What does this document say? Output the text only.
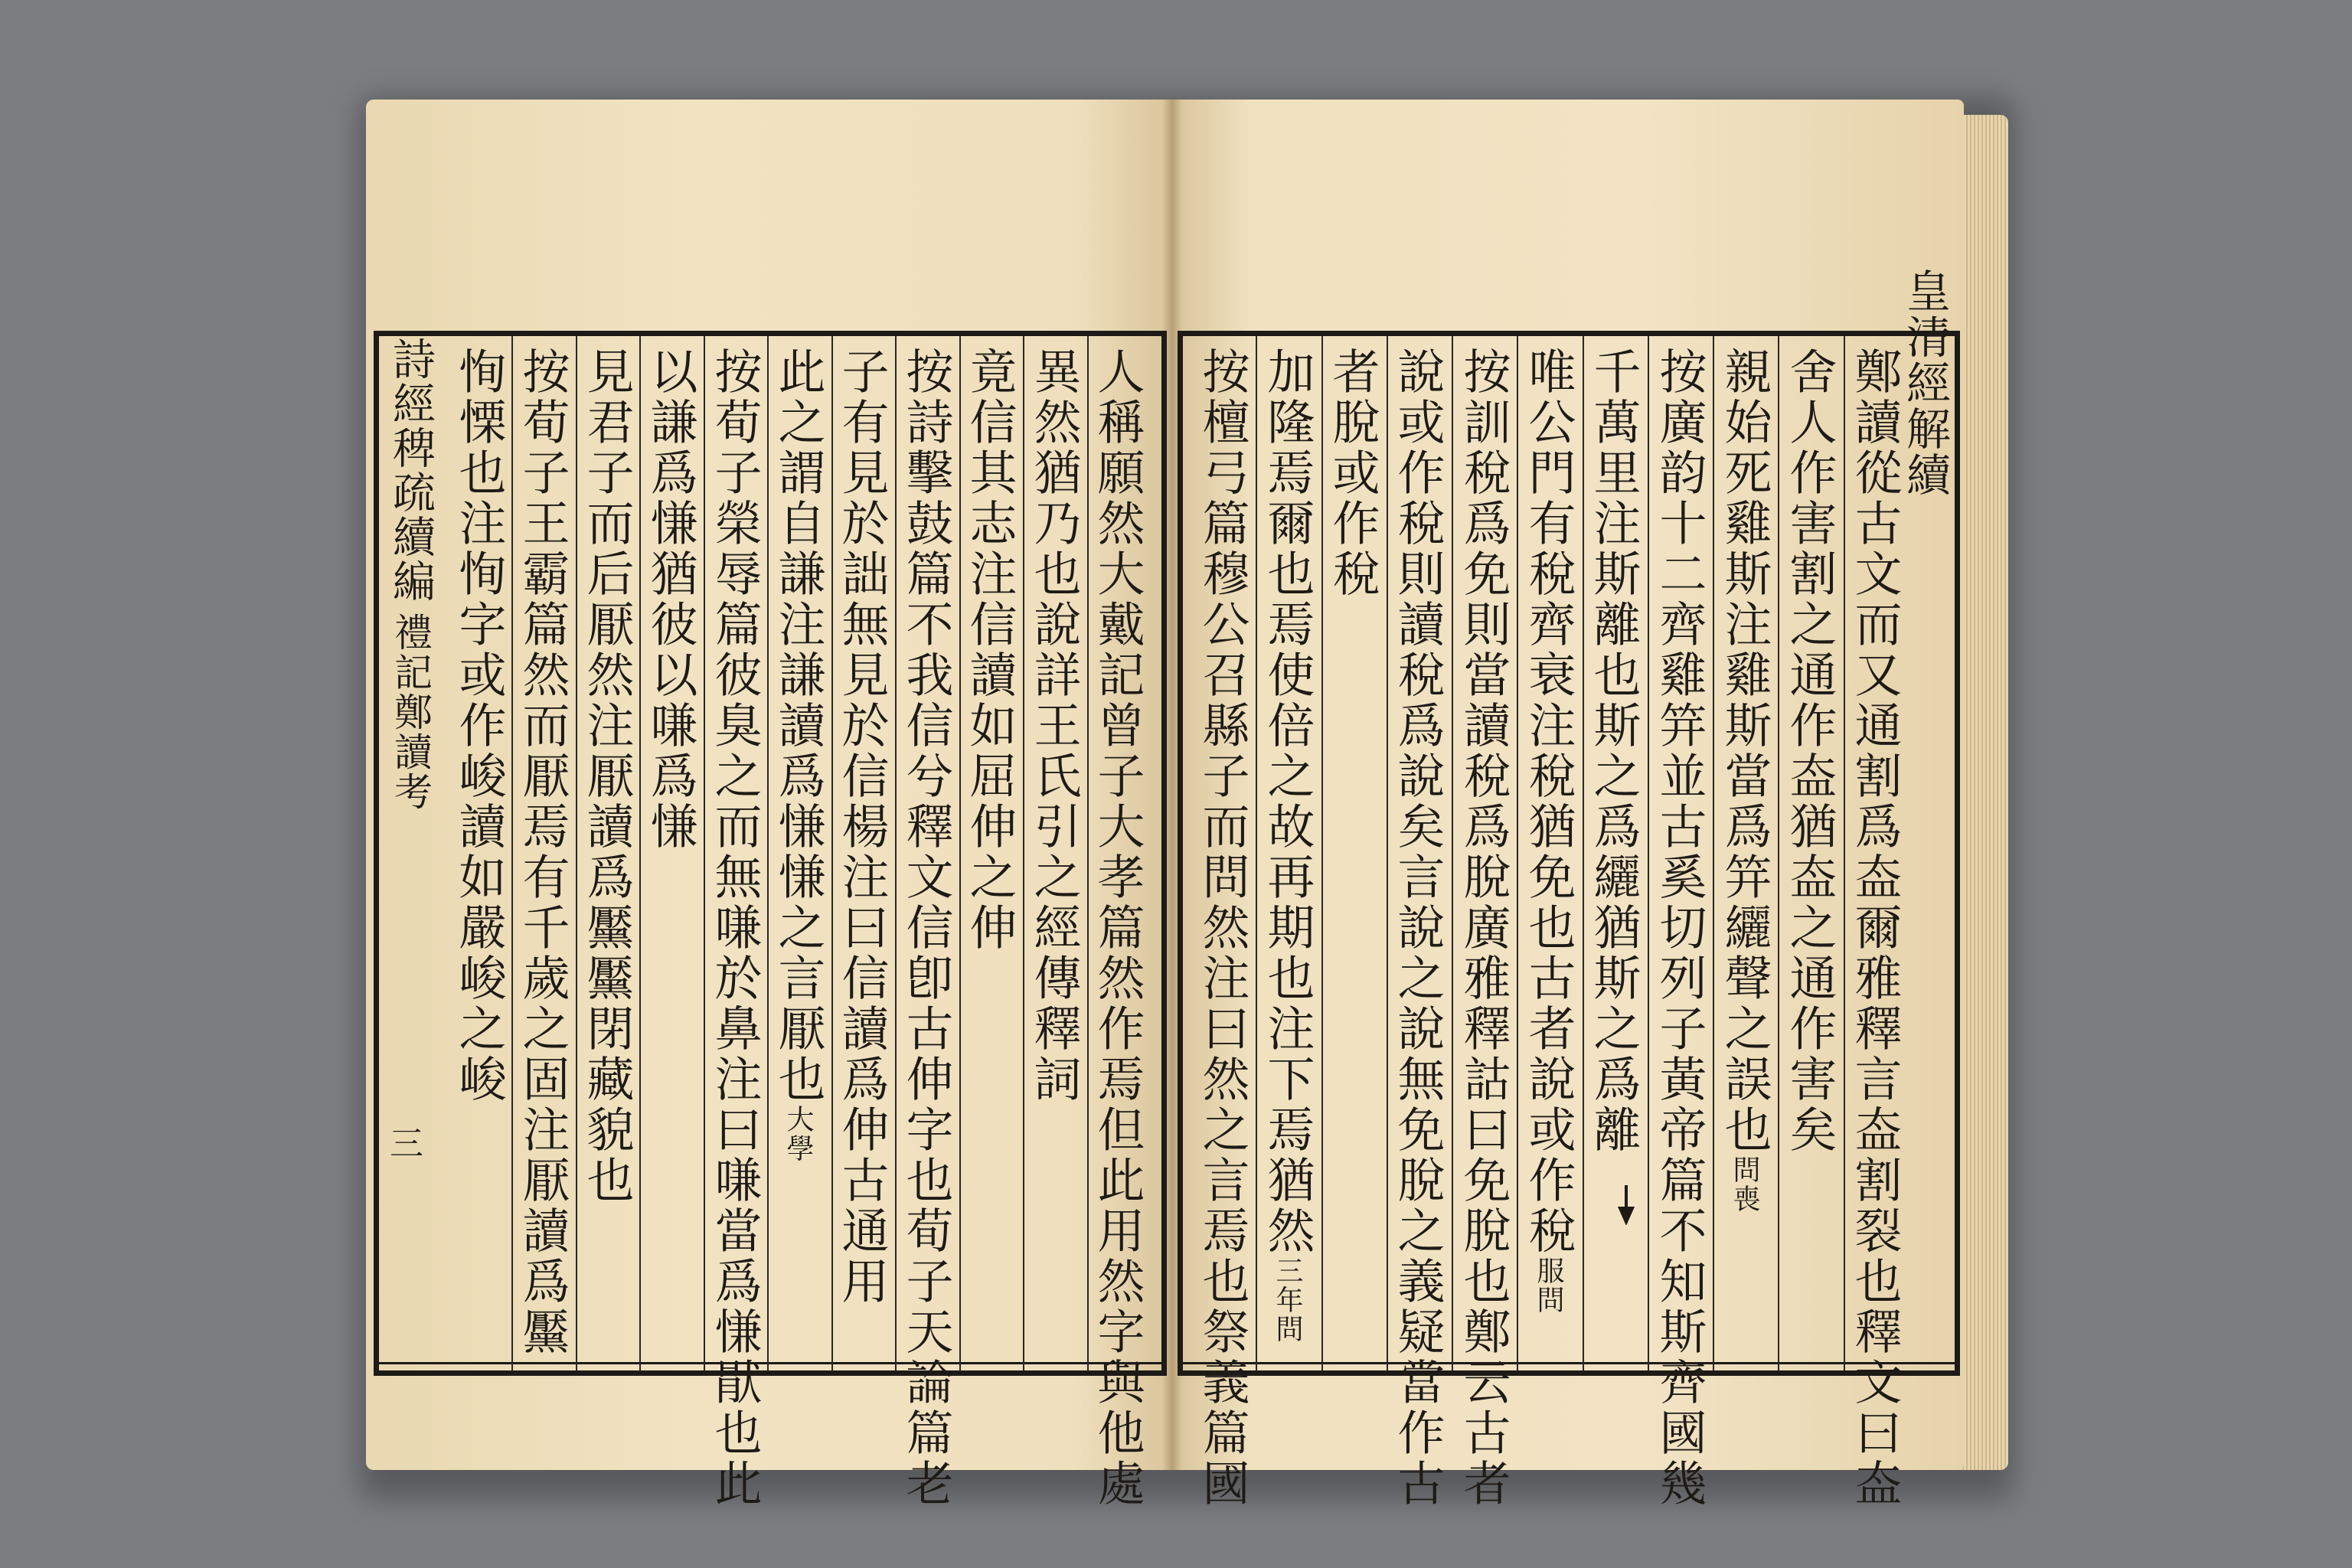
鄭讀從古文而又通割爲盇爾雅釋言盇割裂也釋文曰盇
舍人作害割之通作盇猶盇之通作害矣
親始死雞斯注雞斯當爲笄纚聲之誤也問喪
按廣韵十二齊雞笄並古奚切列子黃帝篇不知斯齊國幾
千萬里注斯離也斯之爲纚猶斯之爲離
唯公門有稅齊衰注稅猶免也古者說或作稅服問
按訓稅爲免則當讀稅爲脫廣雅釋詁曰免脫也鄭云古者
說或作稅則讀稅爲說矣言說之說無免脫之義疑當作古
者脫或作稅
加隆焉爾也焉使倍之故再期也注下焉猶然三年問
按檀弓篇穆公召縣子而問然注曰然之言焉也祭義篇國
人稱願然大戴記曾子大孝篇然作焉但此用然字與他處
異然猶乃也說詳王氏引之經傳釋詞
竟信其志注信讀如屈伸之伸
按詩擊鼓篇不我信兮釋文信卽古伸字也荀子天論篇老
子有見於詘無見於信楊注曰信讀爲伸古通用
此之謂自謙注謙讀爲慊慊之言厭也大學
按荀子榮辱篇彼臭之而無嗛於鼻注曰嗛當爲慊猒也此
以謙爲慊猶彼以嗛爲慊
見君子而后厭然注厭讀爲黶黶閉藏貌也
按荀子王霸篇然而厭焉有千歲之固注厭讀爲黶
恂慄也注恂字或作峻讀如嚴峻之峻	皇清經解續
詩經稗疏續編
禮記鄭讀考
三
